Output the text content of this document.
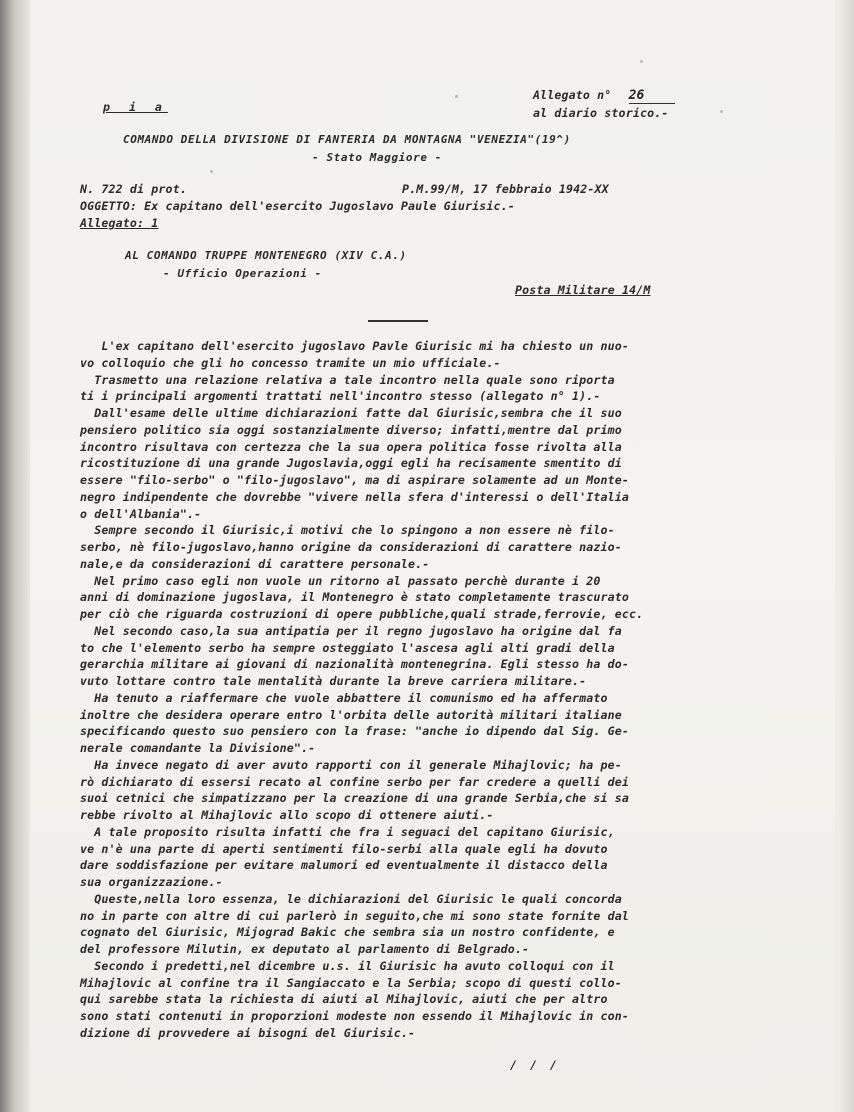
p i a
Allegato n° 26
al diario storico.-
COMANDO DELLA DIVISIONE DI FANTERIA DA MONTAGNA "VENEZIA"(19^)
- Stato Maggiore -
N. 722 di prot.	P.M.99/M, 17 febbraio 1942-XX
OGGETTO: Ex capitano dell'esercito Jugoslavo Paule Giurisic.-
Allegato: 1
AL COMANDO TRUPPE MONTENEGRO (XIV C.A.)
- Ufficio Operazioni -
Posta Militare 14/M
L'ex capitano dell'esercito jugoslavo Pavle Giurisic mi ha chiesto un nuo-
vo colloquio che gli ho concesso tramite un mio ufficiale.-
Trasmetto una relazione relativa a tale incontro nella quale sono riporta
ti i principali argomenti trattati nell'incontro stesso (allegato n° 1).-
Dall'esame delle ultime dichiarazioni fatte dal Giurisic,sembra che il suo
pensiero politico sia oggi sostanzialmente diverso; infatti,mentre dal primo
incontro risultava con certezza che la sua opera politica fosse rivolta alla
ricostituzione di una grande Jugoslavia,oggi egli ha recisamente smentito di
essere "filo-serbo" o "filo-jugoslavo", ma di aspirare solamente ad un Monte-
negro indipendente che dovrebbe "vivere nella sfera d'interessi o dell'Italia
o dell'Albania".-
Sempre secondo il Giurisic,i motivi che lo spingono a non essere nè filo-
serbo, nè filo-jugoslavo,hanno origine da considerazioni di carattere nazio-
nale,e da considerazioni di carattere personale.-
Nel primo caso egli non vuole un ritorno al passato perchè durante i 20
anni di dominazione jugoslava, il Montenegro è stato completamente trascurato
per ciò che riguarda costruzioni di opere pubbliche,quali strade,ferrovie, ecc.
Nel secondo caso,la sua antipatia per il regno jugoslavo ha origine dal fa
to che l'elemento serbo ha sempre osteggiato l'ascesa agli alti gradi della
gerarchia militare ai giovani di nazionalità montenegrina. Egli stesso ha do-
vuto lottare contro tale mentalità durante la breve carriera militare.-
Ha tenuto a riaffermare che vuole abbattere il comunismo ed ha affermato
inoltre che desidera operare entro l'orbita delle autorità militari italiane
specificando questo suo pensiero con la frase: "anche io dipendo dal Sig. Ge-
nerale comandante la Divisione".-
Ha invece negato di aver avuto rapporti con il generale Mihajlovic; ha pe-
rò dichiarato di essersi recato al confine serbo per far credere a quelli dei
suoi cetnici che simpatizzano per la creazione di una grande Serbia,che si sa
rebbe rivolto al Mihajlovic allo scopo di ottenere aiuti.-
A tale proposito risulta infatti che fra i seguaci del capitano Giurisic,
ve n'è una parte di aperti sentimenti filo-serbi alla quale egli ha dovuto
dare soddisfazione per evitare malumori ed eventualmente il distacco della
sua organizzazione.-
Queste,nella loro essenza, le dichiarazioni del Giurisic le quali concorda
no in parte con altre di cui parlerò in seguito,che mi sono state fornite dal
cognato del Giurisic, Mijograd Bakic che sembra sia un nostro confidente, e
del professore Milutin, ex deputato al parlamento di Belgrado.-
Secondo i predetti,nel dicembre u.s. il Giurisic ha avuto colloqui con il
Mihajlovic al confine tra il Sangiaccato e la Serbia; scopo di questi collo-
qui sarebbe stata la richiesta di aiuti al Mihajlovic, aiuti che per altro
sono stati contenuti in proporzioni modeste non essendo il Mihajlovic in con-
dizione di provvedere ai bisogni del Giurisic.-
/ / /
